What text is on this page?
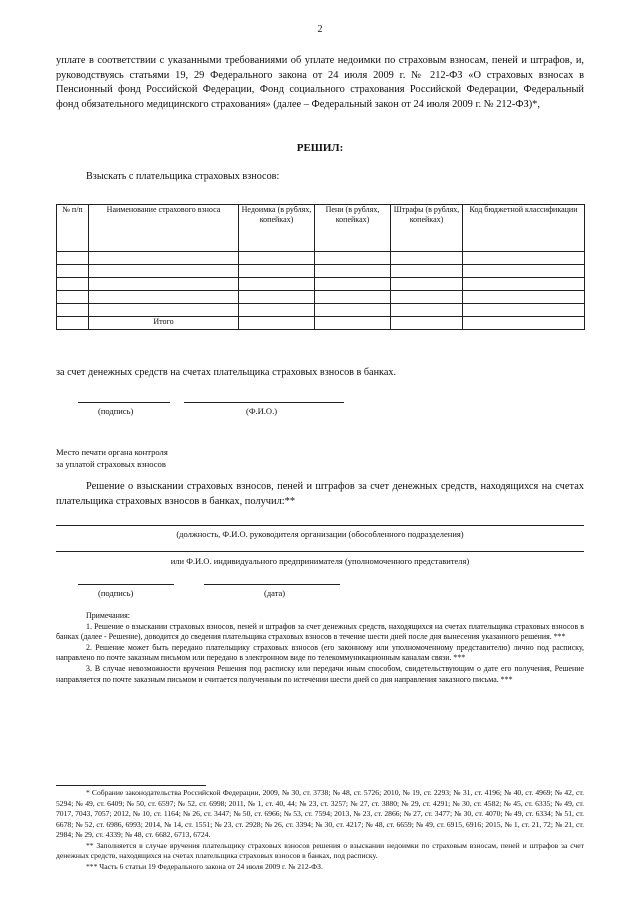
2
уплате в соответствии с указанными требованиями об уплате недоимки по страховым взносам, пеней и штрафов, и, руководствуясь статьями 19, 29 Федерального закона от 24 июля 2009 г. № 212-ФЗ «О страховых взносах в Пенсионный фонд Российской Федерации, Фонд социального страхования Российской Федерации, Федеральный фонд обязательного медицинского страхования» (далее – Федеральный закон от 24 июля 2009 г. № 212-ФЗ)*,
РЕШИЛ:
Взыскать с плательщика страховых взносов:
№ п/п	Наименование страхового взноса	Недоимка (в рублях, копейках)	Пени (в рублях, копейках)	Штрафы (в рублях, копейках)	Код бюджетной классификации

	Итого				
за счет денежных средств на счетах плательщика страховых взносов в банках.
(подпись)	(Ф.И.О.)
Место печати органа контроля
за уплатой страховых взносов
Решение о взыскании страховых взносов, пеней и штрафов за счет денежных средств, находящихся на счетах плательщика страховых взносов в банках, получил:**
(должность, Ф.И.О. руководителя организации (обособленного подразделения)
или Ф.И.О. индивидуального предпринимателя (уполномоченного представителя)
(подпись)	(дата)

Примечания:

1. Решение о взыскании страховых взносов, пеней и штрафов за счет денежных средств, находящихся на счетах плательщика страховых взносов в банках (далее - Решение), доводится до сведения плательщика страховых взносов в течение шести дней после дня вынесения указанного решения. ***

2. Решение может быть передано плательщику страховых взносов (его законному или уполномоченному представителю) лично под расписку, направлено по почте заказным письмом или передано в электронном виде по телекоммуникационным каналам связи. ***

3. В случае невозможности вручения Решения под расписку или передачи иным способом, свидетельствующим о дате его получения, Решение направляется по почте заказным письмом и считается полученным по истечении шести дней со дня направления заказного письма. ***

* Собрание законодательства Российской Федерации, 2009, № 30, ст. 3738; № 48, ст. 5726; 2010, № 19, ст. 2293; № 31, ст. 4196; № 40, ст. 4969; № 42, ст. 5294; № 49, ст. 6409; № 50, ст. 6597; № 52, ст. 6998; 2011, № 1, ст. 40, 44; № 23, ст. 3257; № 27, ст. 3880; № 29, ст. 4291; № 30, ст. 4582; № 45, ст. 6335; № 49, ст. 7017, 7043, 7057; 2012, № 10, ст. 1164; № 26, ст. 3447; № 50, ст. 6966; № 53, ст. 7594; 2013, № 23, ст. 2866; № 27, ст. 3477; № 30, ст. 4070; № 49, ст. 6334; № 51, ст. 6678; № 52, ст. 6986, 6993; 2014, № 14, ст. 1551; № 23, ст. 2928; № 26, ст. 3394; № 30, ст. 4217; № 48, ст. 6659; № 49, ст. 6915, 6916; 2015, № 1, ст. 21, 72; № 21, ст. 2984; № 29, ст. 4339; № 48, ст. 6682, 6713, 6724.

** Заполняется в случае вручения плательщику страховых взносов решения о взыскании недоимки по страховым взносам, пеней и штрафов за счет денежных средств, находящихся на счетах плательщика страховых взносов в банках, под расписку.

*** Часть 6 статьи 19 Федерального закона от 24 июля 2009 г. № 212-ФЗ.
